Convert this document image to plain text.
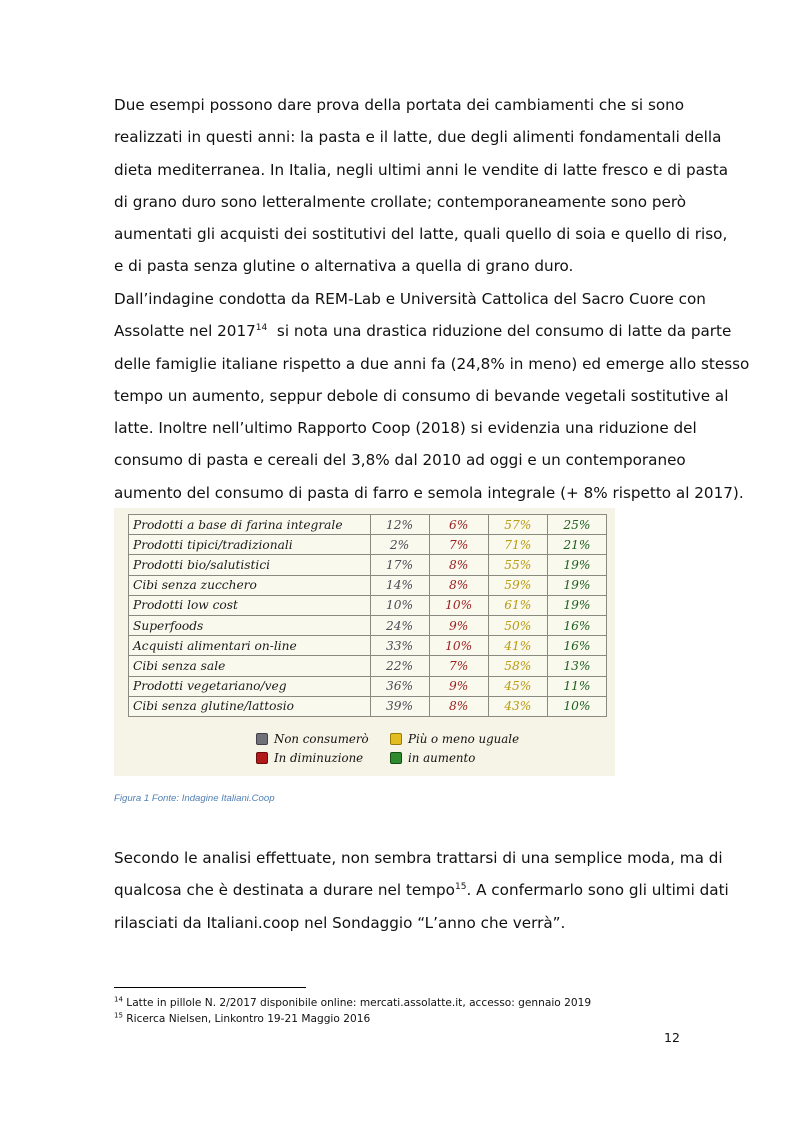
Due esempi possono dare prova della portata dei cambiamenti che si sono
realizzati in questi anni: la pasta e il latte, due degli alimenti fondamentali della
dieta mediterranea. In Italia, negli ultimi anni le vendite di latte fresco e di pasta
di grano duro sono letteralmente crollate; contemporaneamente sono però
aumentati gli acquisti dei sostitutivi del latte, quali quello di soia e quello di riso,
e di pasta senza glutine o alternativa a quella di grano duro.
Dall’indagine condotta da REM-Lab e Università Cattolica del Sacro Cuore con
Assolatte nel 2017$^{14}$  si nota una drastica riduzione del consumo di latte da parte
delle famiglie italiane rispetto a due anni fa (24,8% in meno) ed emerge allo stesso
tempo un aumento, seppur debole di consumo di bevande vegetali sostitutive al
latte. Inoltre nell’ultimo Rapporto Coop (2018) si evidenzia una riduzione del
consumo di pasta e cereali del 3,8% dal 2010 ad oggi e un contemporaneo
aumento del consumo di pasta di farro e semola integrale (+ 8% rispetto al 2017).
Prodotti a base di farina integrale	12%	6%	57%	25%
Prodotti tipici/tradizionali	2%	7%	71%	21%
Prodotti bio/salutistici	17%	8%	55%	19%
Cibi senza zucchero	14%	8%	59%	19%
Prodotti low cost	10%	10%	61%	19%
Superfoods	24%	9%	50%	16%
Acquisti alimentari on-line	33%	10%	41%	16%
Cibi senza sale	22%	7%	58%	13%
Prodotti vegetariano/veg	36%	9%	45%	11%
Cibi senza glutine/lattosio	39%	8%	43%	10%
Non consumerò	Più o meno uguale
In diminuzione	in aumento
Figura 1 Fonte: Indagine Italiani.Coop
Secondo le analisi effettuate, non sembra trattarsi di una semplice moda, ma di
qualcosa che è destinata a durare nel tempo$^{15}$. A confermarlo sono gli ultimi dati
rilasciati da Italiani.coop nel Sondaggio “L’anno che verrà”.
$^{14}$ Latte in pillole N. 2/2017 disponibile online: mercati.assolatte.it, accesso: gennaio 2019
$^{15}$ Ricerca Nielsen, Linkontro 19-21 Maggio 2016
12
